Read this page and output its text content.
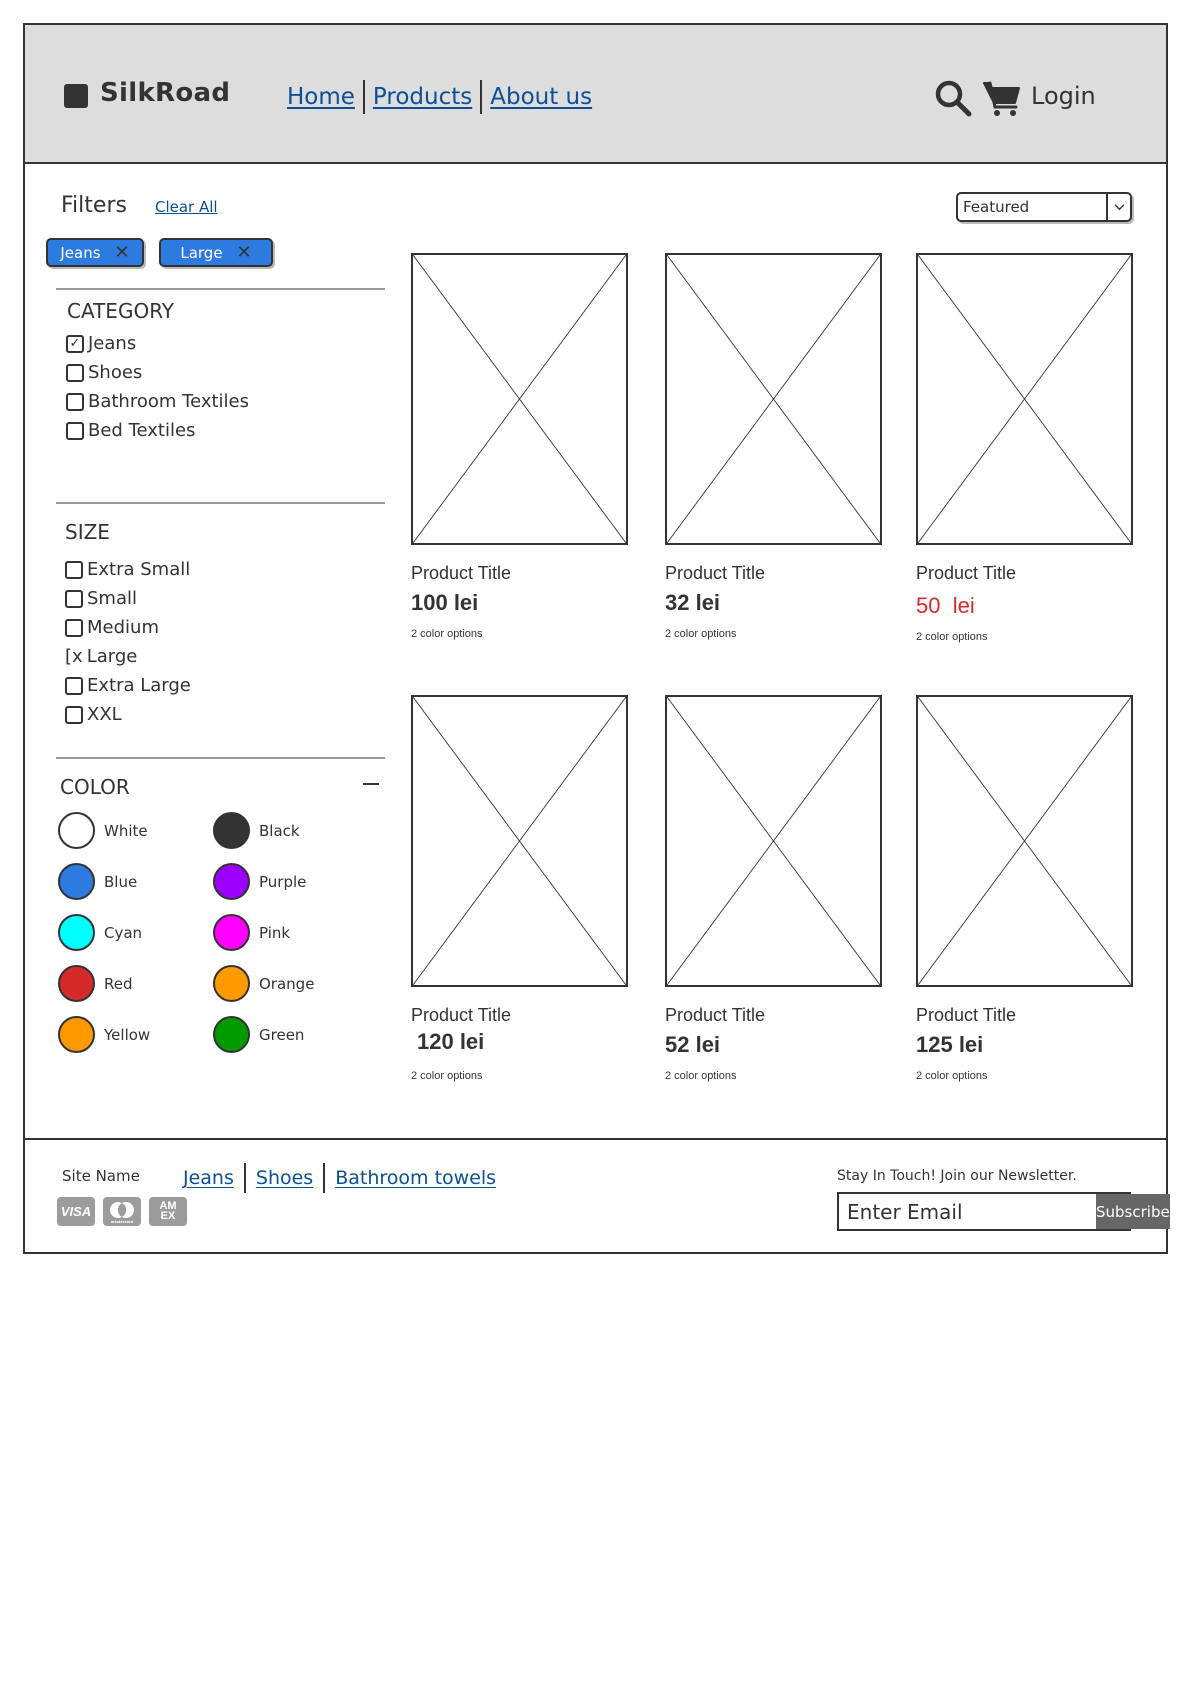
SilkRoad Home Products About us	Login
Filters Clear All
Jeans ✕	Large ✕
CATEGORY
✓ Jeans
Shoes
Bathroom Textiles
Bed Textiles
SIZE
Extra Small
Small
Medium
[x Large
Extra Large
XXL
COLOR
White	Black
Blue	Purple
Cyan	Pink
Red	Orange
Yellow	Green
Featured
Product Title
100 lei
2 color options
Product Title
32 lei
2 color options
Product Title
50  lei
2 color options
Product Title
120 lei
2 color options
Product Title
52 lei
2 color options
Product Title
125 lei
2 color options
Site Name Jeans	Shoes	Bathroom towels
VISA
mastercard
AM
EX
Stay In Touch! Join our Newsletter.
Enter Email
Subscribe
